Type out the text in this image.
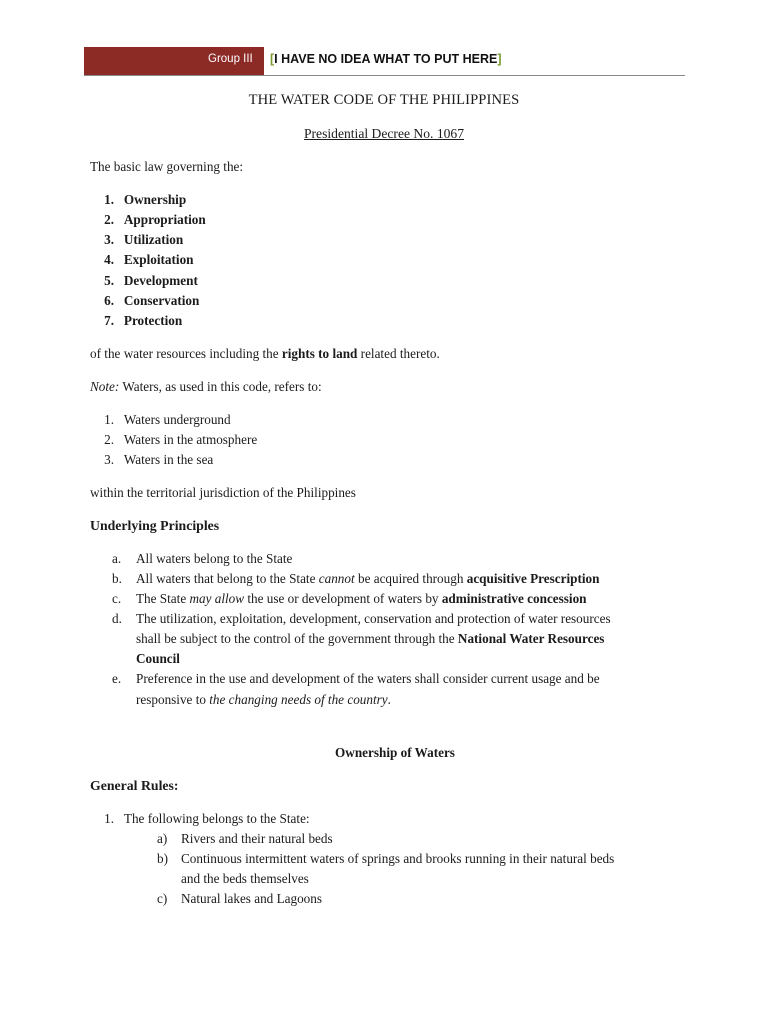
Group III [I HAVE NO IDEA WHAT TO PUT HERE]
THE WATER CODE OF THE PHILIPPINES
Presidential Decree No. 1067
The basic law governing the:
1. Ownership
2. Appropriation
3. Utilization
4. Exploitation
5. Development
6. Conservation
7. Protection
of the water resources including the rights to land related thereto.
Note: Waters, as used in this code, refers to:
1. Waters underground
2. Waters in the atmosphere
3. Waters in the sea
within the territorial jurisdiction of the Philippines
Underlying Principles
a. All waters belong to the State
b. All waters that belong to the State cannot be acquired through acquisitive Prescription
c. The State may allow the use or development of waters by administrative concession
d. The utilization, exploitation, development, conservation and protection of water resources
shall be subject to the control of the government through the National Water Resources
Council
e. Preference in the use and development of the waters shall consider current usage and be
responsive to the changing needs of the country.
Ownership of Waters
General Rules:
1. The following belongs to the State:
a) Rivers and their natural beds
b) Continuous intermittent waters of springs and brooks running in their natural beds
and the beds themselves
c) Natural lakes and Lagoons
